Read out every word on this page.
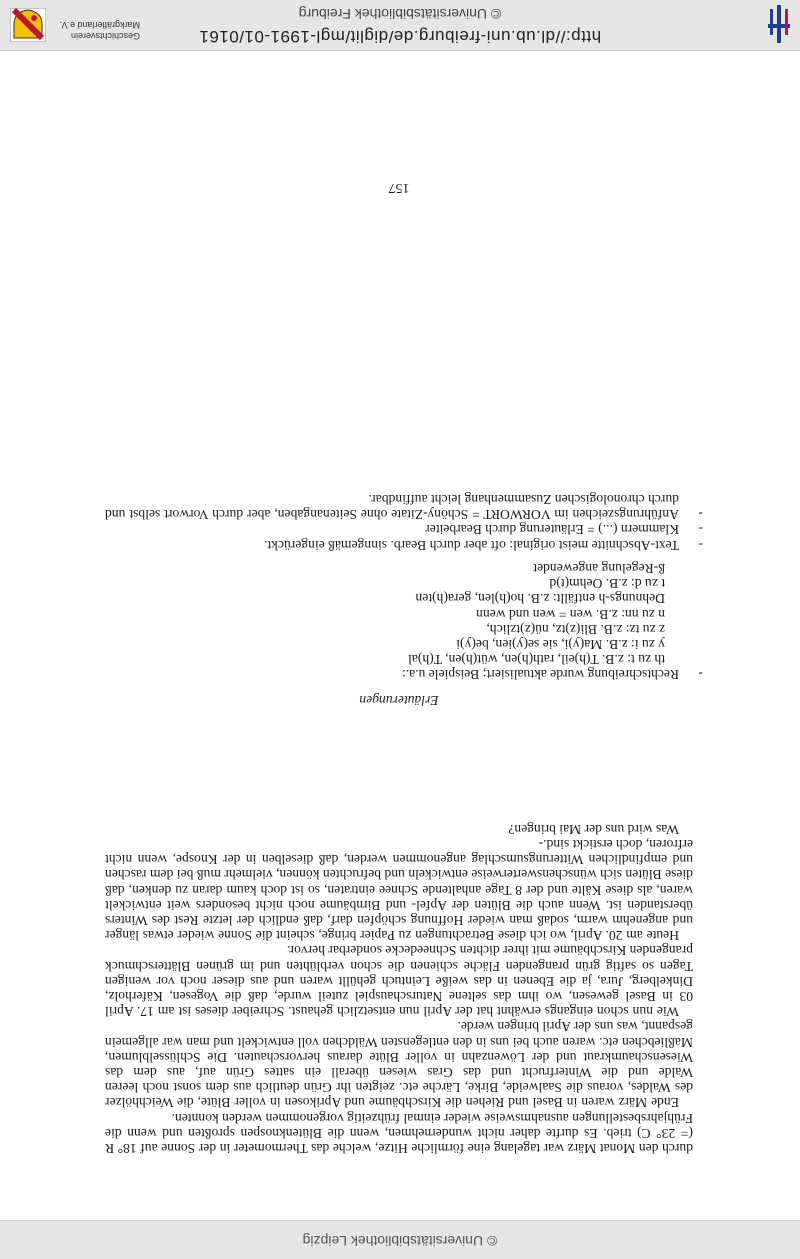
© Universitätsbibliothek Leipzig

durch den Monat März war tagelang eine förmliche Hitze, welche das Thermometer in der Sonne auf 18° R (= 23° C) trieb. Es durfte daher nicht wundernehmen, wenn die Blütenknospen sproßten und wenn die Frühjahrsbestellungen ausnahmsweise wieder einmal frühzeitig vorgenommen werden konnten.

Ende März waren in Basel und Riehen die Kirschbäume und Aprikosen in voller Blüte, die Weichhölzer des Waldes, voraus die Saalweide, Birke, Lärche etc. zeigten ihr Grün deutlich aus dem sonst noch leeren Walde und die Winterfrucht und das Gras wiesen überall ein sattes Grün auf, aus dem das Wiesenschaumkraut und der Löwenzahn in voller Blüte daraus hervorschauten. Die Schlüsselblumen, Maßliebchen etc. waren auch bei uns in den entlegensten Wäldchen voll entwickelt und man war allgemein gespannt, was uns der April bringen werde.

Wie nun schon eingangs erwähnt hat der April nun entsetzlich gehaust. Schreiber dieses ist am 17. April 03 in Basel gewesen, wo ihm das seltene Naturschauspiel zuteil wurde, daß die Vogesen, Käferholz, Dinkelberg, Jura, ja die Ebenen in das weiße Leintuch gehüllt waren und aus dieser noch vor wenigen Tagen so saftig grün prangenden Fläche schienen die schon verblühten und im grünen Blätterschmuck prangenden Kirschbäume mit ihrer dichten Schneedecke sonderbar hervor.

Heute am 20. April, wo ich diese Betrachtungen zu Papier bringe, scheint die Sonne wieder etwas länger und angenehm warm, sodaß man wieder Hoffnung schöpfen darf, daß endlich der letzte Rest des Winters überstanden ist. Wenn auch die Blüten der Apfel- und Birnbäume noch nicht besonders weit entwickelt waren, als diese Kälte und der 8 Tage anhaltende Schnee eintraten, so ist doch kaum daran zu denken, daß diese Blüten sich wünschenswerterweise entwickeln und befruchten können, vielmehr muß bei dem raschen und empfindlichen Witterungsumschlag angenommen werden, daß dieselben in der Knospe, wenn nicht erfroren, doch erstickt sind.-

Was wird uns der Mai bringen?

Erläuterungen

- Rechtschreibung wurde aktualisiert; Beispiele u.a.:

th zu t: z.B. T(h)eil, rath(h)en, wüt(h)en, T(h)al

y zu i: z.B. Ma(y)i, sie se(y)ien, be(y)i

z zu tz: z.B. Bli(z)tz, nü(z)tzlich,

n zu nn: z.B. wen = wen und wenn

Dehnungs-h entfällt: z.B. ho(h)len, gera(h)ten

t zu d: z.B. Oehm(t)d

ß-Regelung angewendet

- Text-Abschnitte meist original: oft aber durch Bearb. sinngemäß eingerückt.
- Klammern (...) = Erläuterung durch Bearbeiter
- Anführungszeichen im VORWORT = Schöny-Zitate ohne Seitenangaben, aber durch Vorwort selbst und durch chronologischen Zusammenhang leicht auffindbar.
157
http://dl.ub.uni-freiburg.de/diglit/mgl-1991-01/0161
© Universitätsbibliothek Freiburg
Geschichtsverein Markgräflerland e.V.
